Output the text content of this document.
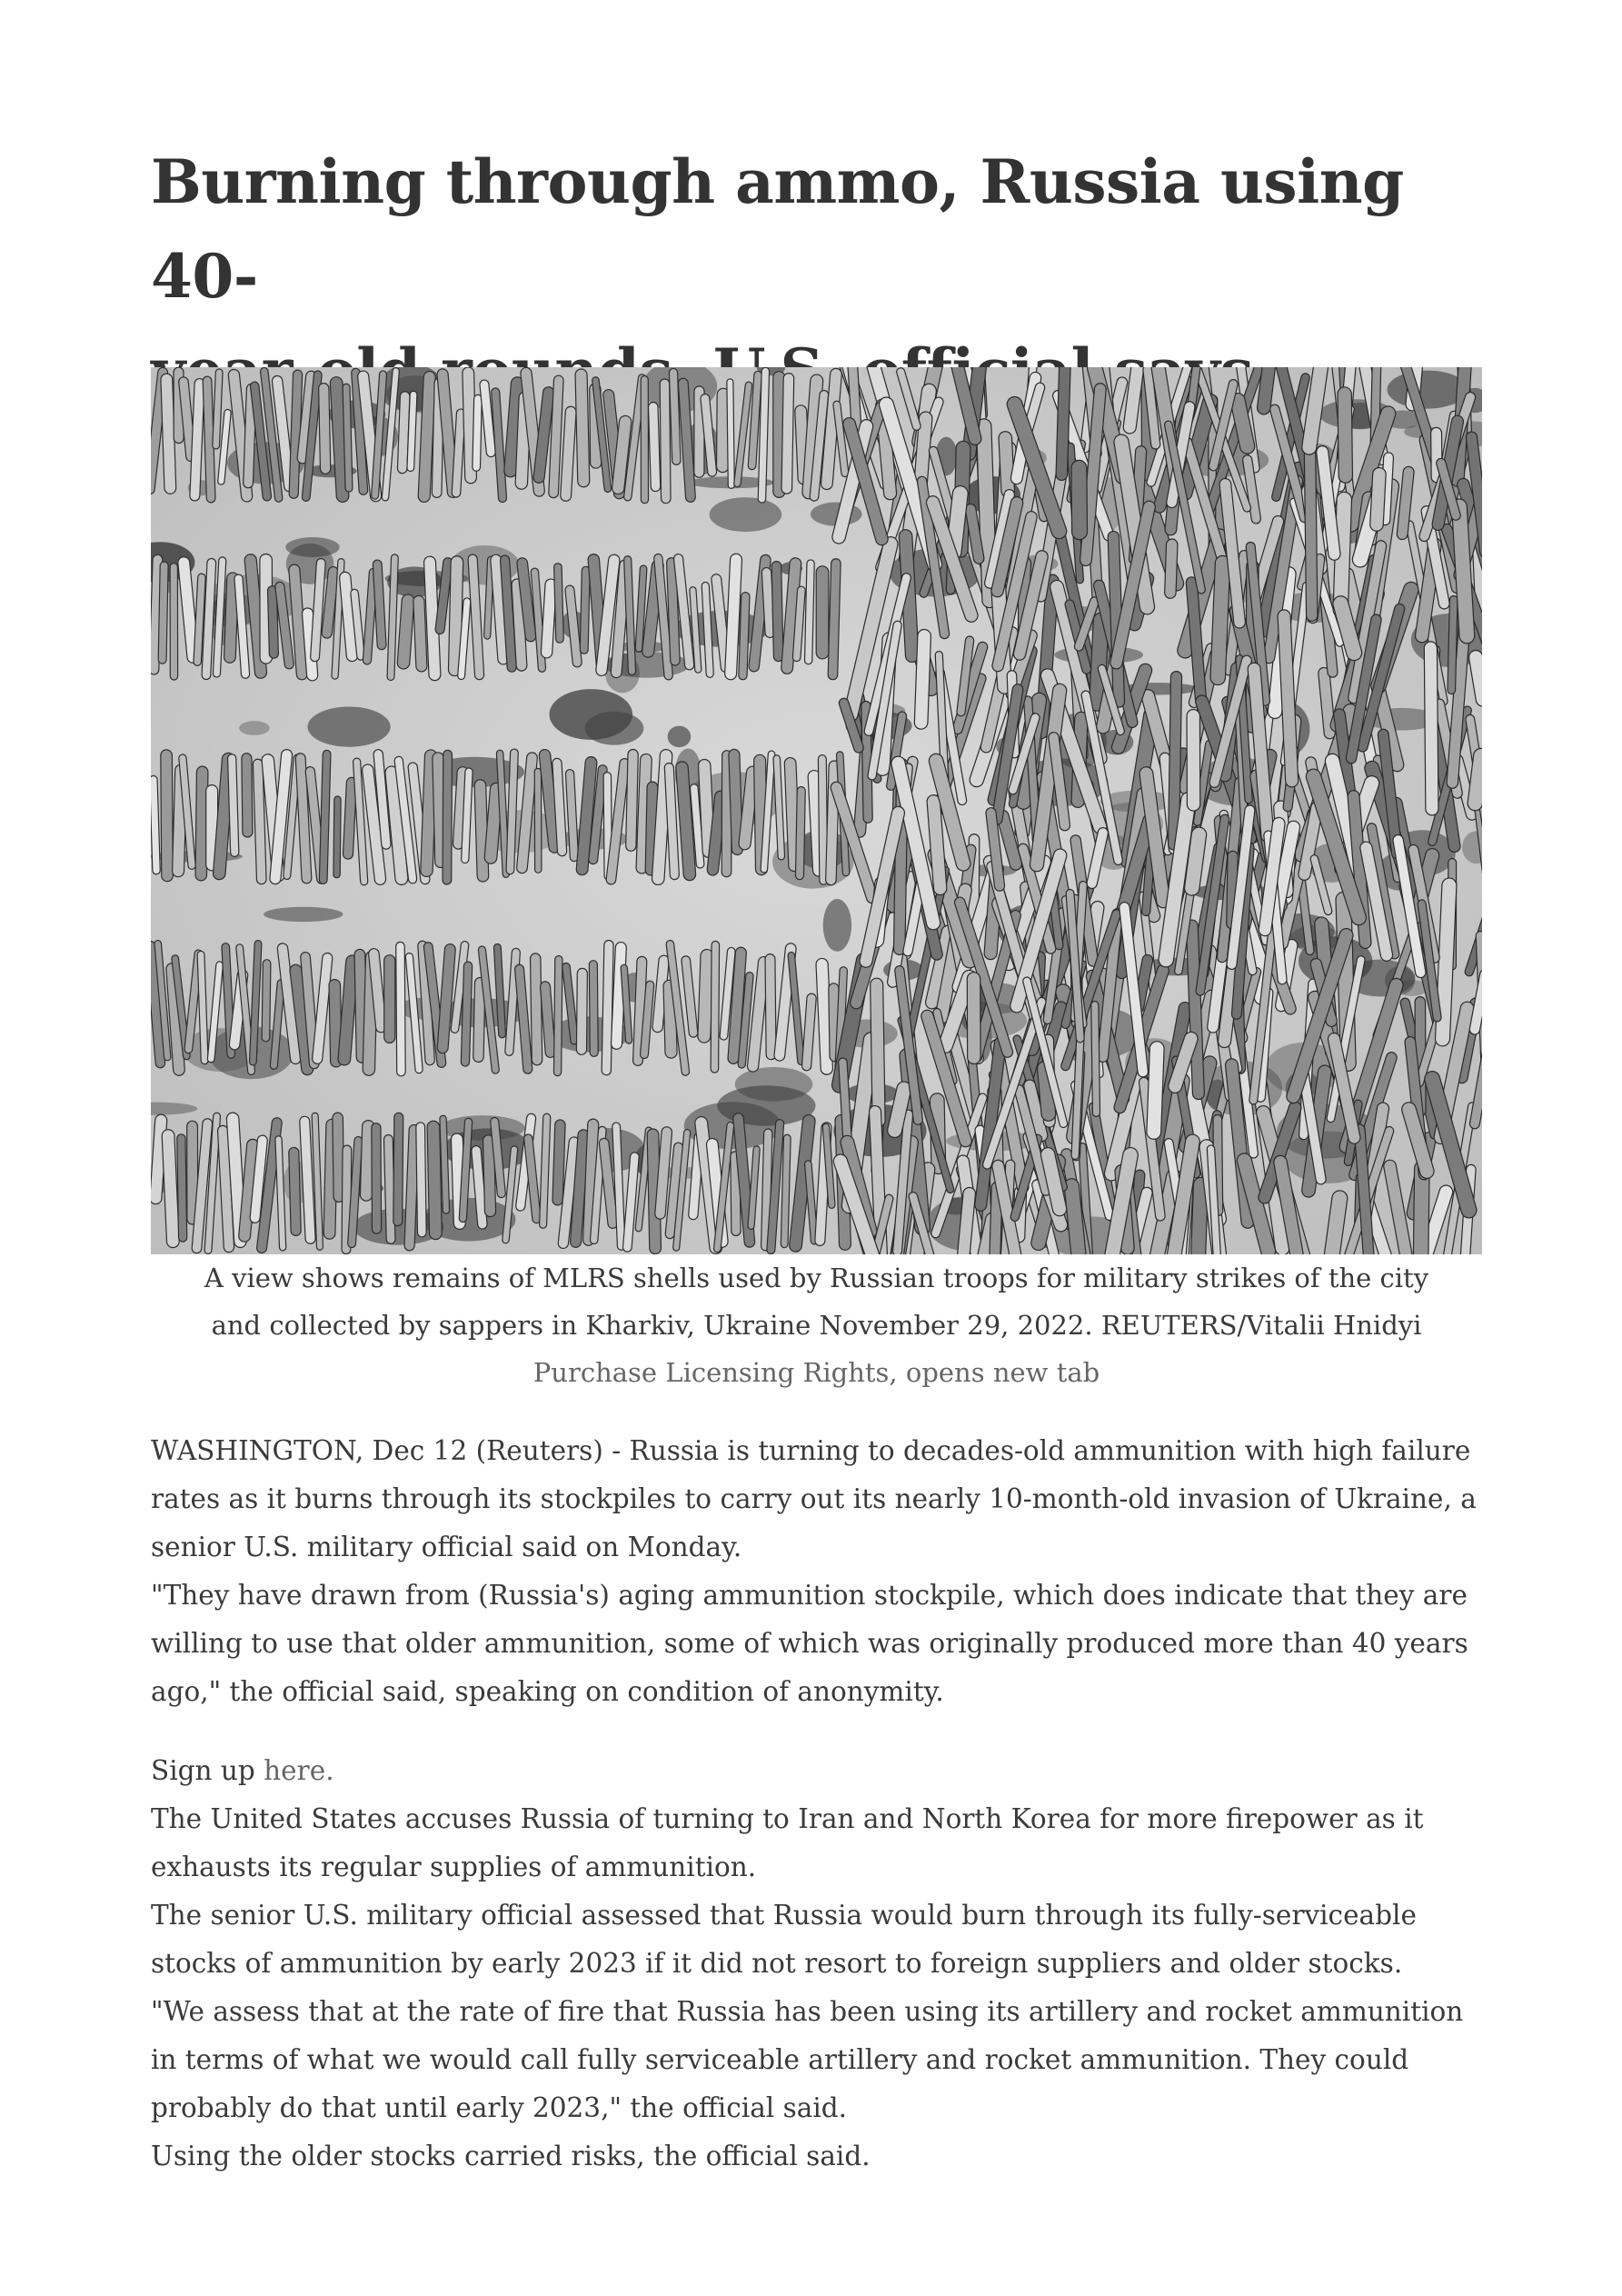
Burning through ammo, Russia using 40-

A view shows remains of MLRS shells used by Russian troops for military strikes of the city
and collected by sappers in Kharkiv, Ukraine November 29, 2022. REUTERS/Vitalii Hnidyi
Purchase Licensing Rights, opens new tab

WASHINGTON, Dec 12 (Reuters) - Russia is turning to decades-old ammunition with high failure rates as it burns through its stockpiles to carry out its nearly 10-month-old invasion of Ukraine, a senior U.S. military official said on Monday.

"They have drawn from (Russia's) aging ammunition stockpile, which does indicate that they are willing to use that older ammunition, some of which was originally produced more than 40 years ago," the official said, speaking on condition of anonymity.

Sign up here.

The United States accuses Russia of turning to Iran and North Korea for more firepower as it exhausts its regular supplies of ammunition.

The senior U.S. military official assessed that Russia would burn through its fully-serviceable stocks of ammunition by early 2023 if it did not resort to foreign suppliers and older stocks.

"We assess that at the rate of fire that Russia has been using its artillery and rocket ammunition in terms of what we would call fully serviceable artillery and rocket ammunition. They could probably do that until early 2023," the official said.

Using the older stocks carried risks, the official said.
